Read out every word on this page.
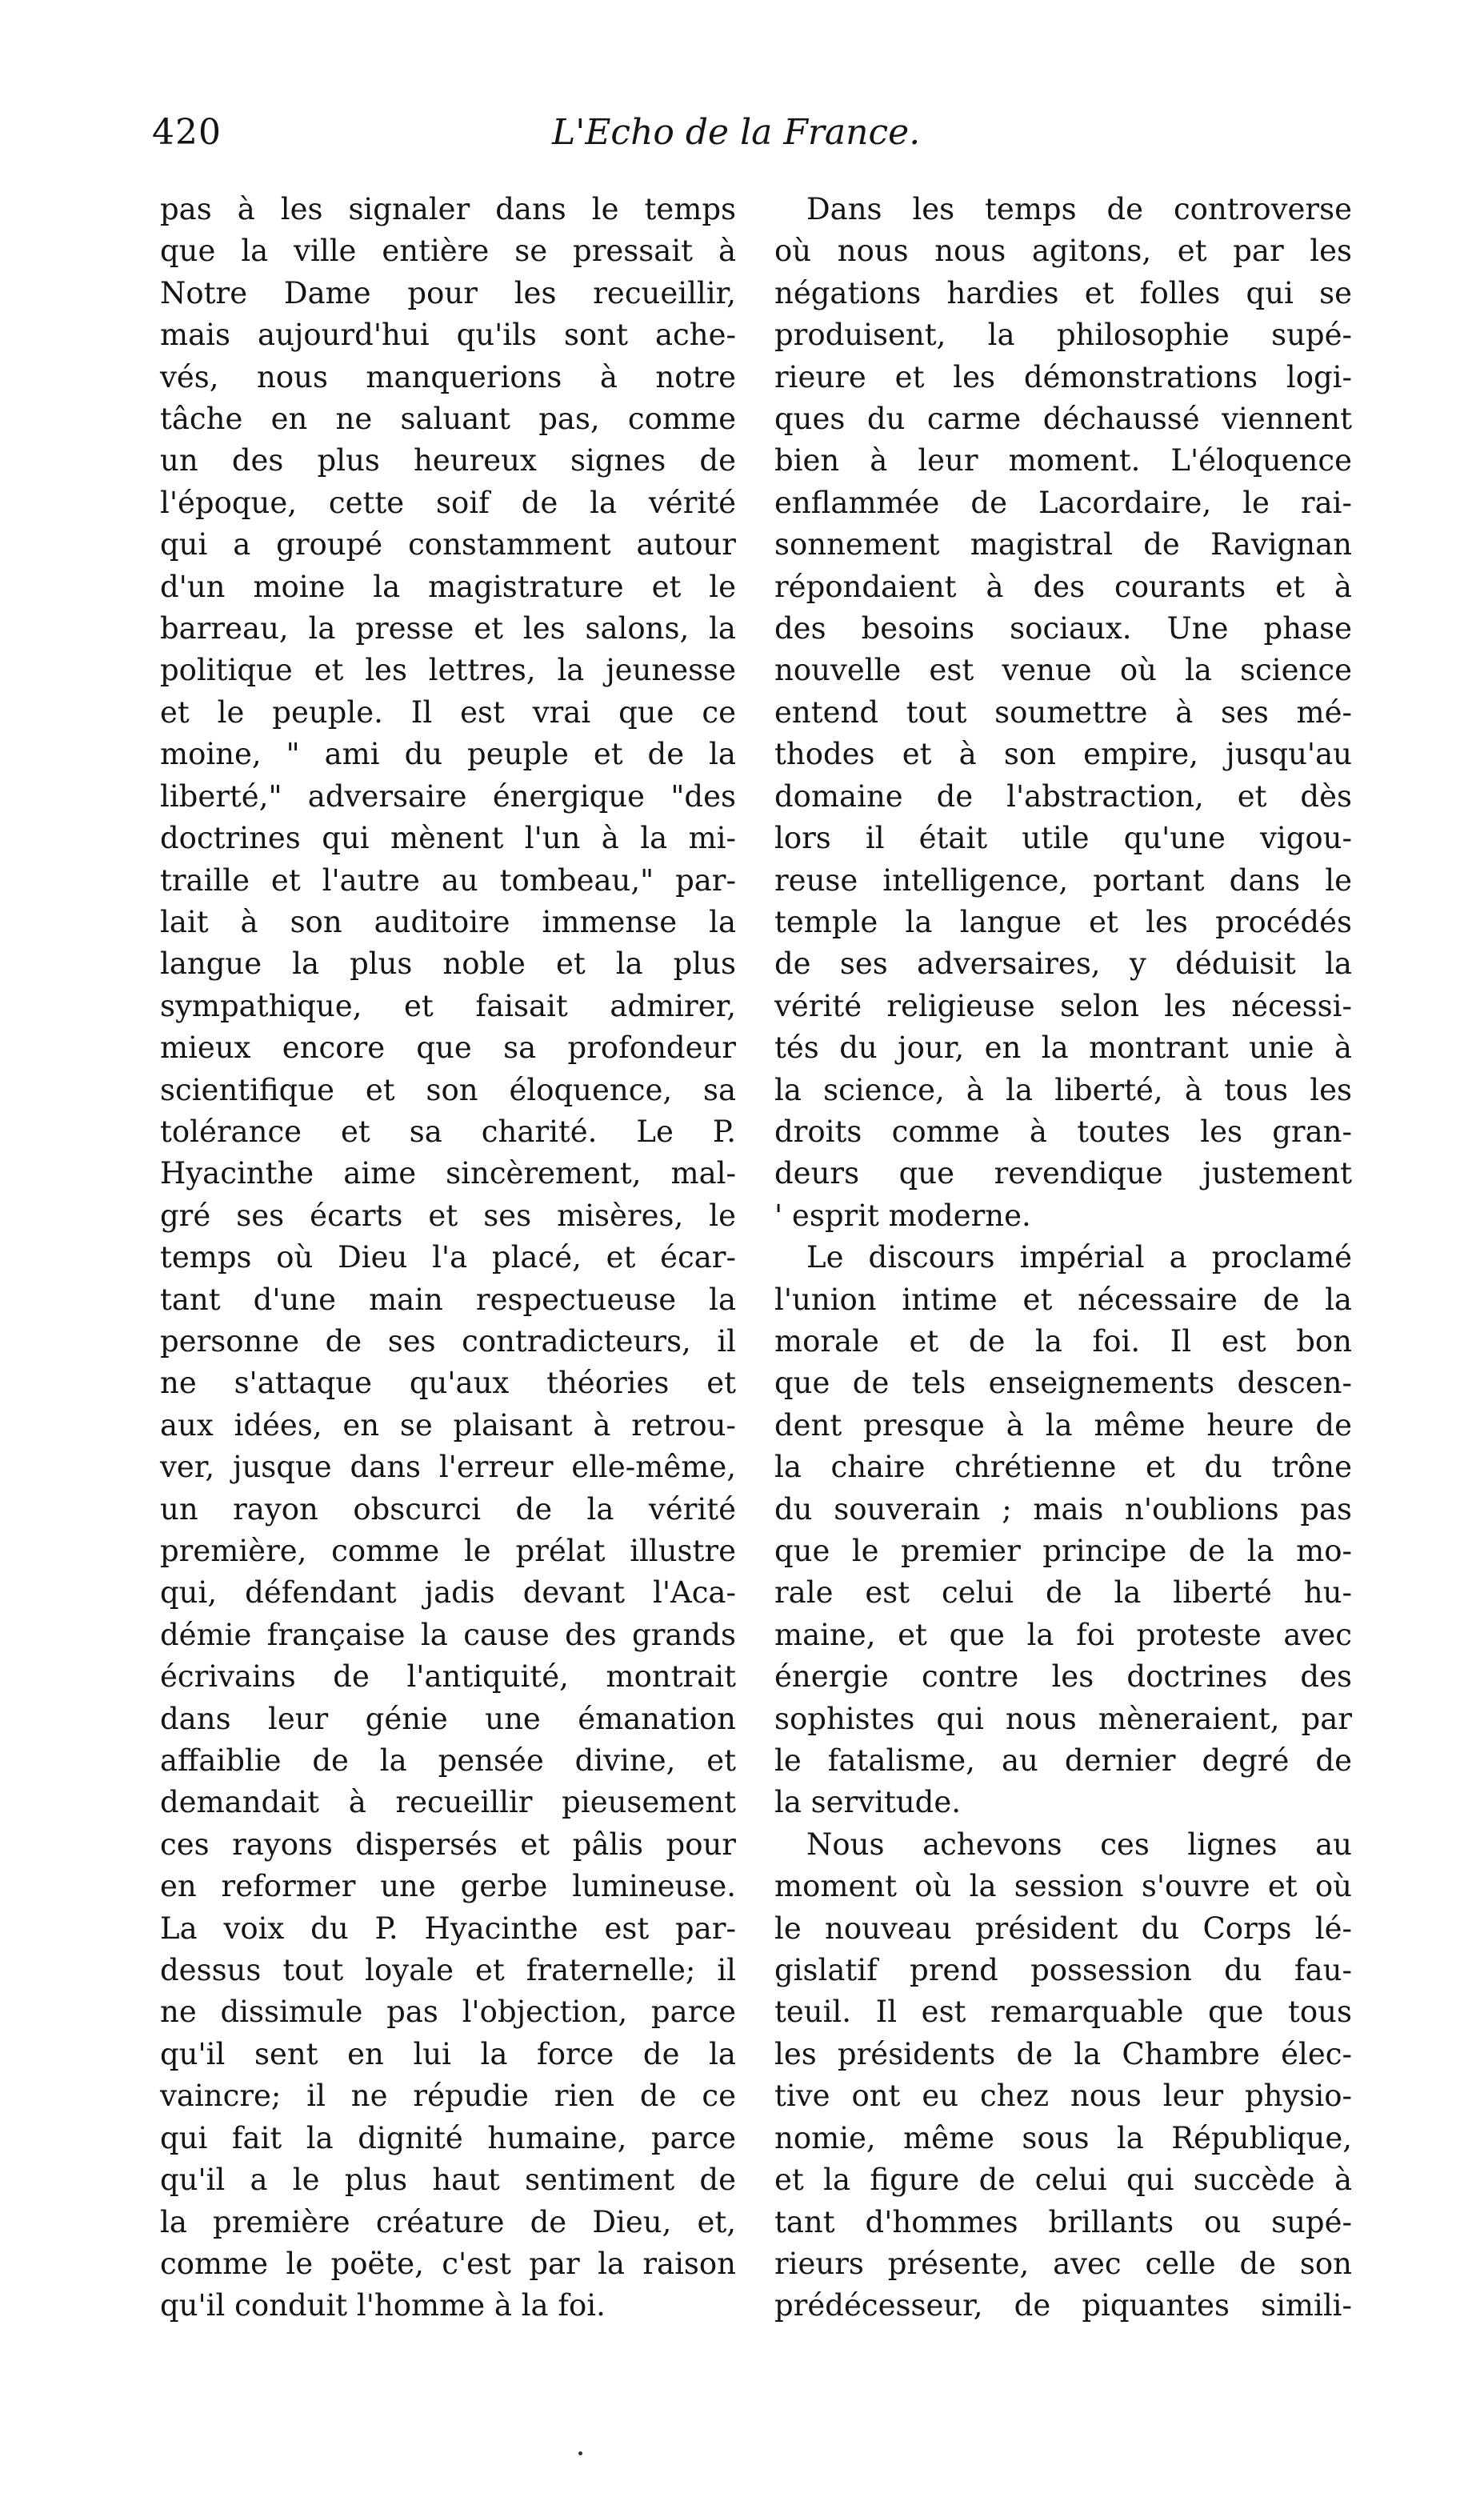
420	L'Echo de la France.
pas à les signaler dans le temps
que la ville entière se pressait à
Notre Dame pour les recueillir,
mais aujourd'hui qu'ils sont ache-
vés, nous manquerions à notre
tâche en ne saluant pas, comme
un des plus heureux signes de
l'époque, cette soif de la vérité
qui a groupé constamment autour
d'un moine la magistrature et le
barreau, la presse et les salons, la
politique et les lettres, la jeunesse
et le peuple. Il est vrai que ce
moine, " ami du peuple et de la
liberté," adversaire énergique "des
doctrines qui mènent l'un à la mi-
traille et l'autre au tombeau," par-
lait à son auditoire immense la
langue la plus noble et la plus
sympathique, et faisait admirer,
mieux encore que sa profondeur
scientifique et son éloquence, sa
tolérance et sa charité. Le P.
Hyacinthe aime sincèrement, mal-
gré ses écarts et ses misères, le
temps où Dieu l'a placé, et écar-
tant d'une main respectueuse la
personne de ses contradicteurs, il
ne s'attaque qu'aux théories et
aux idées, en se plaisant à retrou-
ver, jusque dans l'erreur elle-même,
un rayon obscurci de la vérité
première, comme le prélat illustre
qui, défendant jadis devant l'Aca-
démie française la cause des grands
écrivains de l'antiquité, montrait
dans leur génie une émanation
affaiblie de la pensée divine, et
demandait à recueillir pieusement
ces rayons dispersés et pâlis pour
en reformer une gerbe lumineuse.
La voix du P. Hyacinthe est par-
dessus tout loyale et fraternelle; il
ne dissimule pas l'objection, parce
qu'il sent en lui la force de la
vaincre; il ne répudie rien de ce
qui fait la dignité humaine, parce
qu'il a le plus haut sentiment de
la première créature de Dieu, et,
comme le poëte, c'est par la raison
qu'il conduit l'homme à la foi.
Dans les temps de controverse
où nous nous agitons, et par les
négations hardies et folles qui se
produisent, la philosophie supé-
rieure et les démonstrations logi-
ques du carme déchaussé viennent
bien à leur moment. L'éloquence
enflammée de Lacordaire, le rai-
sonnement magistral de Ravignan
répondaient à des courants et à
des besoins sociaux. Une phase
nouvelle est venue où la science
entend tout soumettre à ses mé-
thodes et à son empire, jusqu'au
domaine de l'abstraction, et dès
lors il était utile qu'une vigou-
reuse intelligence, portant dans le
temple la langue et les procédés
de ses adversaires, y déduisit la
vérité religieuse selon les nécessi-
tés du jour, en la montrant unie à
la science, à la liberté, à tous les
droits comme à toutes les gran-
deurs que revendique justement
' esprit moderne.
Le discours impérial a proclamé
l'union intime et nécessaire de la
morale et de la foi. Il est bon
que de tels enseignements descen-
dent presque à la même heure de
la chaire chrétienne et du trône
du souverain ; mais n'oublions pas
que le premier principe de la mo-
rale est celui de la liberté hu-
maine, et que la foi proteste avec
énergie contre les doctrines des
sophistes qui nous mèneraient, par
le fatalisme, au dernier degré de
la servitude.
Nous achevons ces lignes au
moment où la session s'ouvre et où
le nouveau président du Corps lé-
gislatif prend possession du fau-
teuil. Il est remarquable que tous
les présidents de la Chambre élec-
tive ont eu chez nous leur physio-
nomie, même sous la République,
et la figure de celui qui succède à
tant d'hommes brillants ou supé-
rieurs présente, avec celle de son
prédécesseur, de piquantes simili-
